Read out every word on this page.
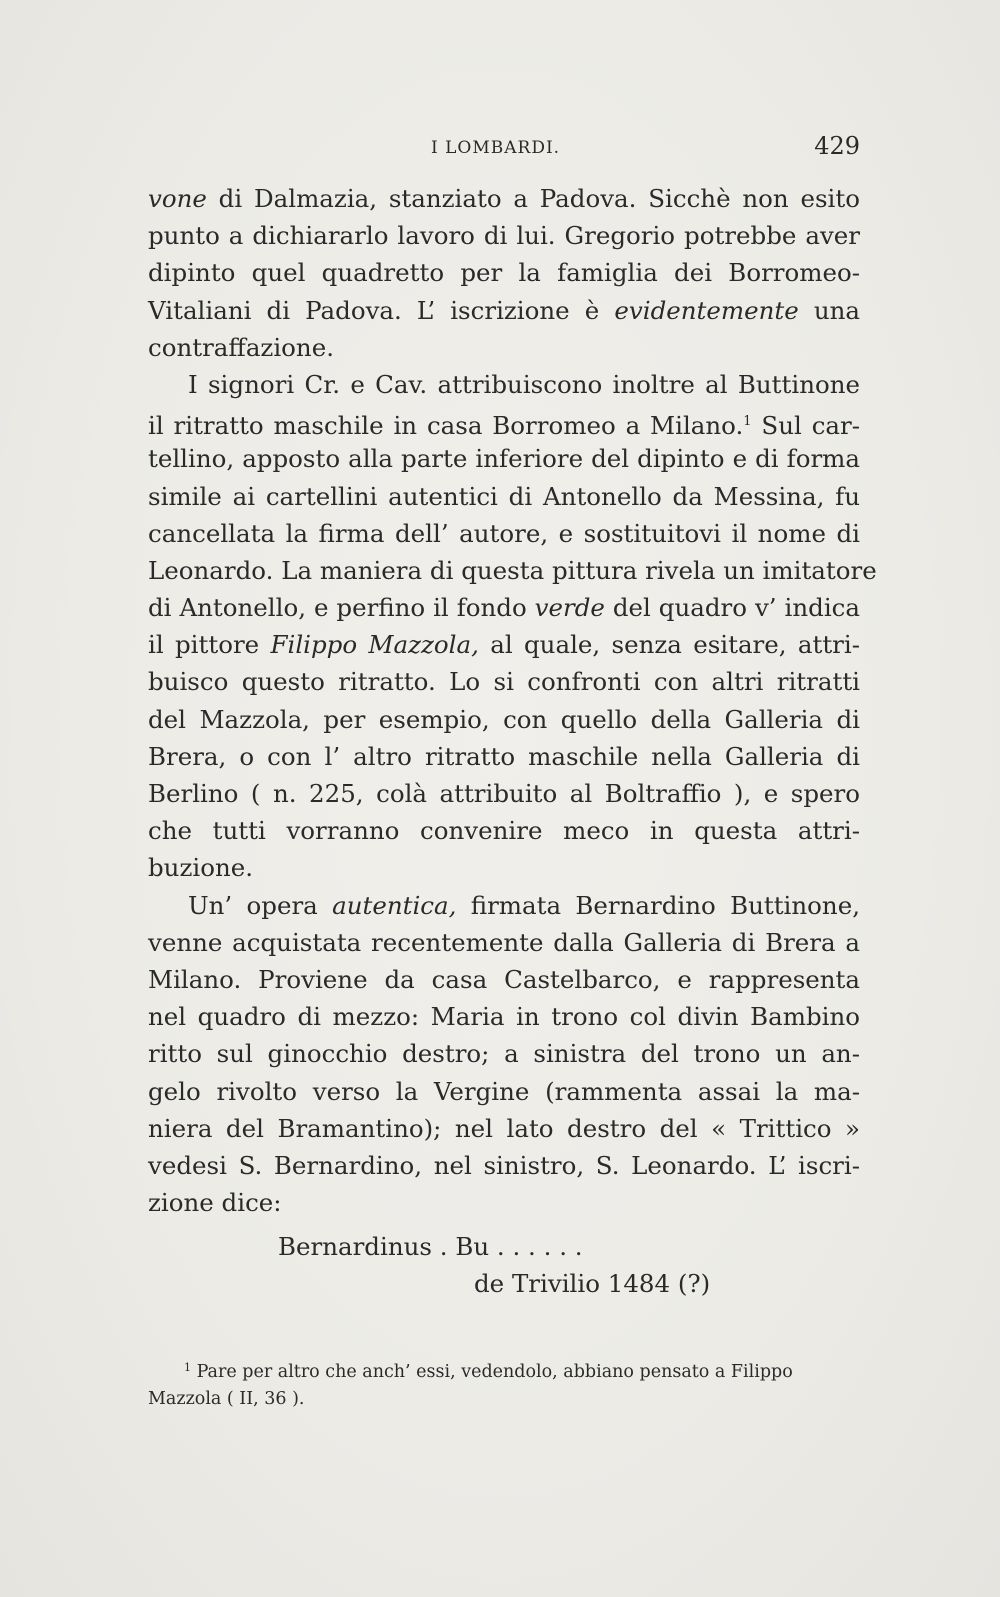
I LOMBARDI.	429
vone di Dalmazia, stanziato a Padova. Sicchè non esito
punto a dichiararlo lavoro di lui. Gregorio potrebbe aver
dipinto quel quadretto per la famiglia dei Borromeo-
Vitaliani di Padova. L’ iscrizione è evidentemente una
contraffazione.
I signori Cr. e Cav. attribuiscono inoltre al Buttinone
il ritratto maschile in casa Borromeo a Milano.$^1$ Sul car-
tellino, apposto alla parte inferiore del dipinto e di forma
simile ai cartellini autentici di Antonello da Messina, fu
cancellata la firma dell’ autore, e sostituitovi il nome di
Leonardo. La maniera di questa pittura rivela un imitatore
di Antonello, e perfino il fondo verde del quadro v’ indica
il pittore Filippo Mazzola, al quale, senza esitare, attri-
buisco questo ritratto. Lo si confronti con altri ritratti
del Mazzola, per esempio, con quello della Galleria di
Brera, o con l’ altro ritratto maschile nella Galleria di
Berlino ( n. 225, colà attribuito al Boltraffio ), e spero
che tutti vorranno convenire meco in questa attri-
buzione.
Un’ opera autentica, firmata Bernardino Buttinone,
venne acquistata recentemente dalla Galleria di Brera a
Milano. Proviene da casa Castelbarco, e rappresenta
nel quadro di mezzo: Maria in trono col divin Bambino
ritto sul ginocchio destro; a sinistra del trono un an-
gelo rivolto verso la Vergine (rammenta assai la ma-
niera del Bramantino); nel lato destro del « Trittico »
vedesi S. Bernardino, nel sinistro, S. Leonardo. L’ iscri-
zione dice:
Bernardinus . Bu . . . . . .
de Trivilio 1484 (?)
$^1$ Pare per altro che anch’ essi, vedendolo, abbiano pensato a Filippo
Mazzola ( II, 36 ).
